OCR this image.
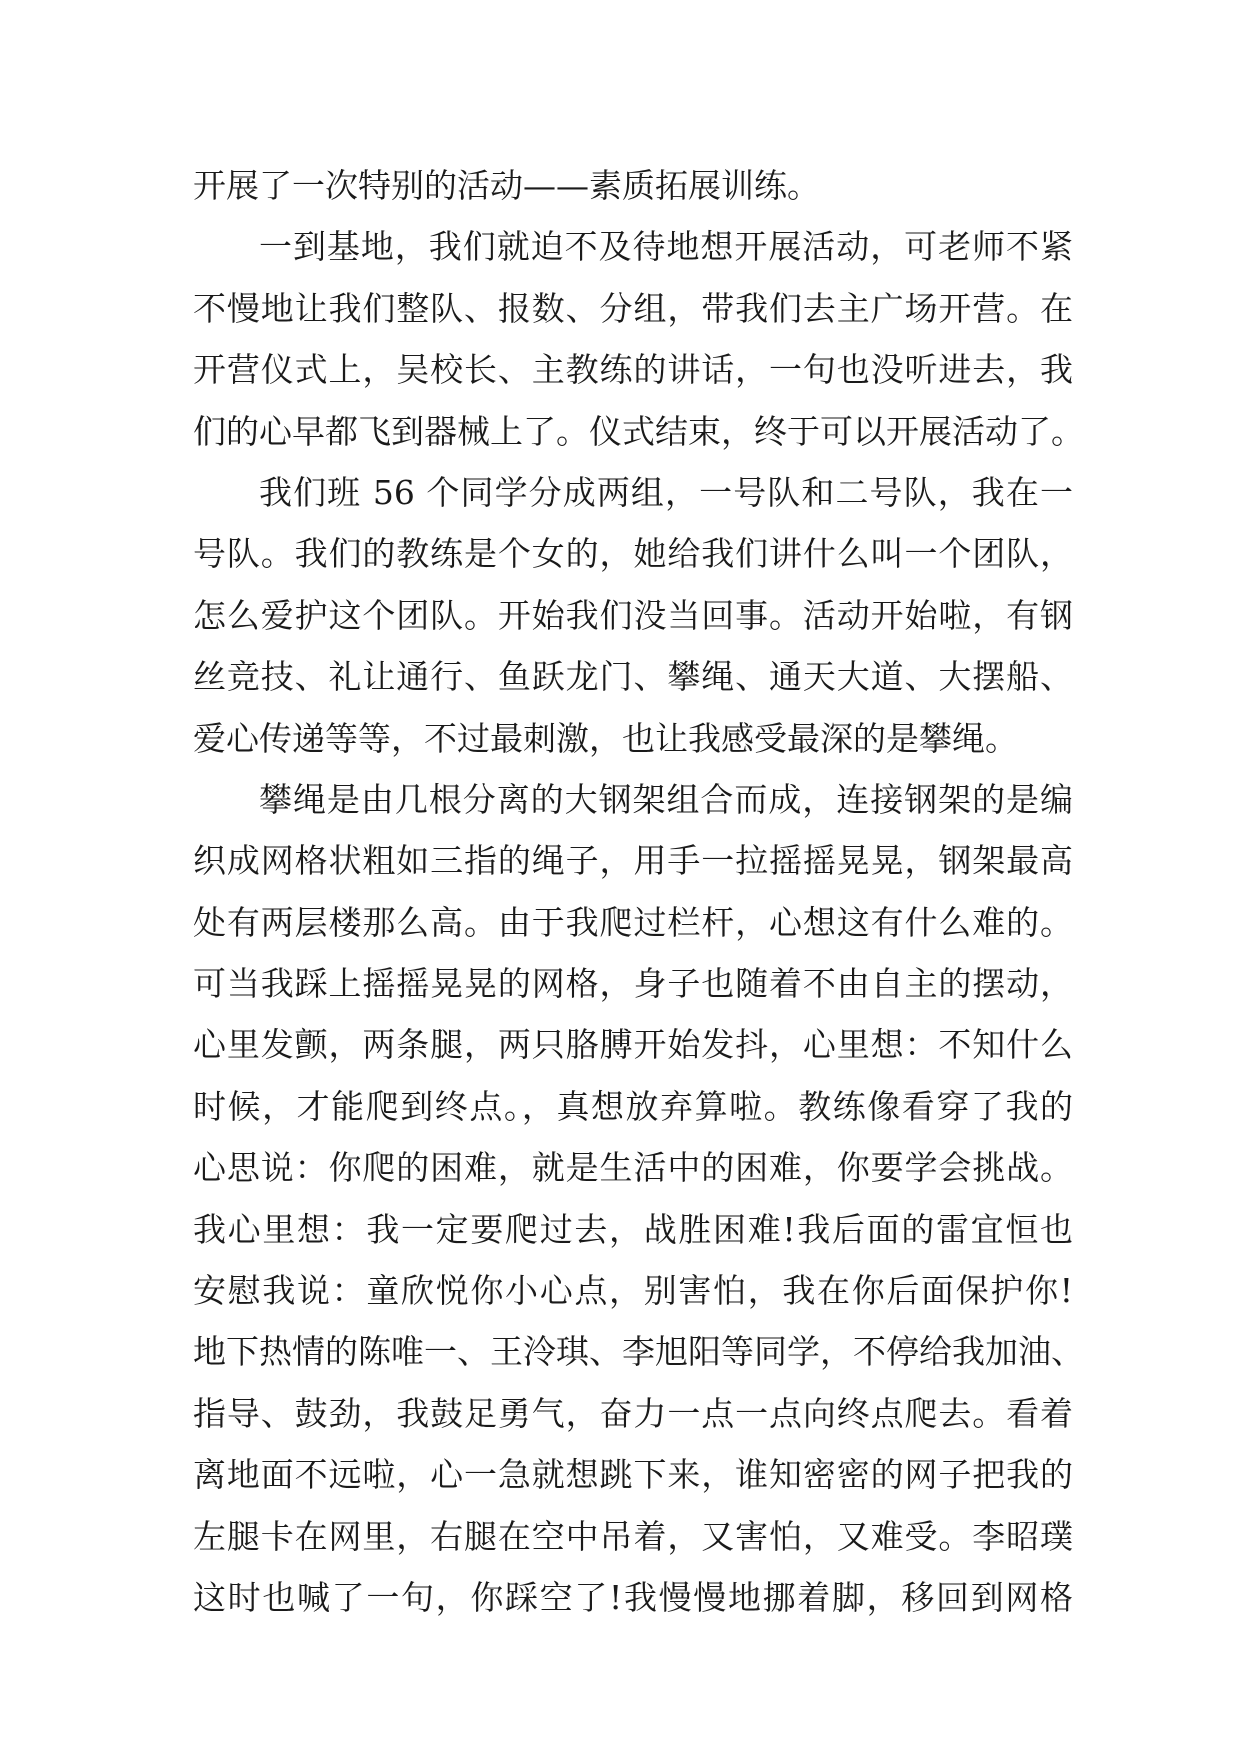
开展了一次特别的活动——素质拓展训练。
一到基地，我们就迫不及待地想开展活动，可老师不紧
不慢地让我们整队、报数、分组，带我们去主广场开营。在
开营仪式上，吴校长、主教练的讲话，一句也没听进去，我
们的心早都飞到器械上了。仪式结束，终于可以开展活动了。
我们班 56 个同学分成两组，一号队和二号队，我在一
号队。我们的教练是个女的，她给我们讲什么叫一个团队，
怎么爱护这个团队。开始我们没当回事。活动开始啦，有钢
丝竞技、礼让通行、鱼跃龙门、攀绳、通天大道、大摆船、
爱心传递等等，不过最刺激，也让我感受最深的是攀绳。
攀绳是由几根分离的大钢架组合而成，连接钢架的是编
织成网格状粗如三指的绳子，用手一拉摇摇晃晃，钢架最高
处有两层楼那么高。由于我爬过栏杆，心想这有什么难的。
可当我踩上摇摇晃晃的网格，身子也随着不由自主的摆动，
心里发颤，两条腿，两只胳膊开始发抖，心里想：不知什么
时候，才能爬到终点。，真想放弃算啦。教练像看穿了我的
心思说：你爬的困难，就是生活中的困难，你要学会挑战。
我心里想：我一定要爬过去，战胜困难!我后面的雷宜恒也
安慰我说：童欣悦你小心点，别害怕，我在你后面保护你!
地下热情的陈唯一、王泠琪、李旭阳等同学，不停给我加油、
指导、鼓劲，我鼓足勇气，奋力一点一点向终点爬去。看着
离地面不远啦，心一急就想跳下来，谁知密密的网子把我的
左腿卡在网里，右腿在空中吊着，又害怕，又难受。李昭璞
这时也喊了一句，你踩空了!我慢慢地挪着脚，移回到网格
